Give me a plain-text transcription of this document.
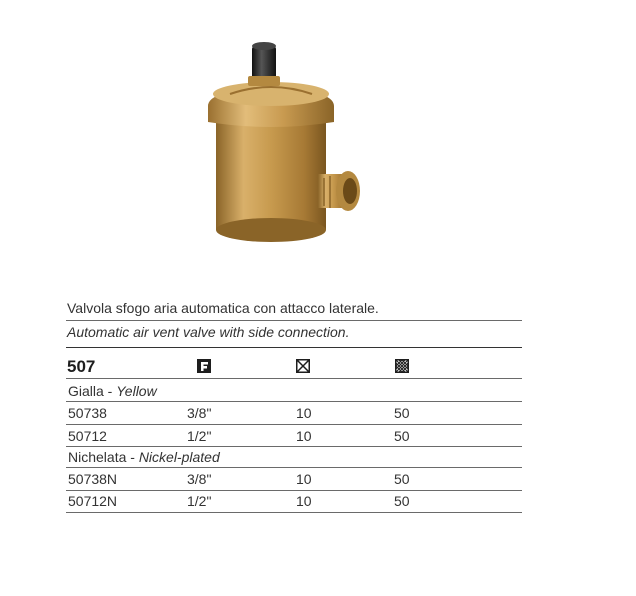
Valvola sfogo aria automatica con attacco laterale.
Automatic air vent valve with side connection.
507
Gialla - Yellow
50738	3/8"	10	50
50712	1/2"	10	50
Nichelata - Nickel-plated
50738N	3/8"	10	50
50712N	1/2"	10	50
